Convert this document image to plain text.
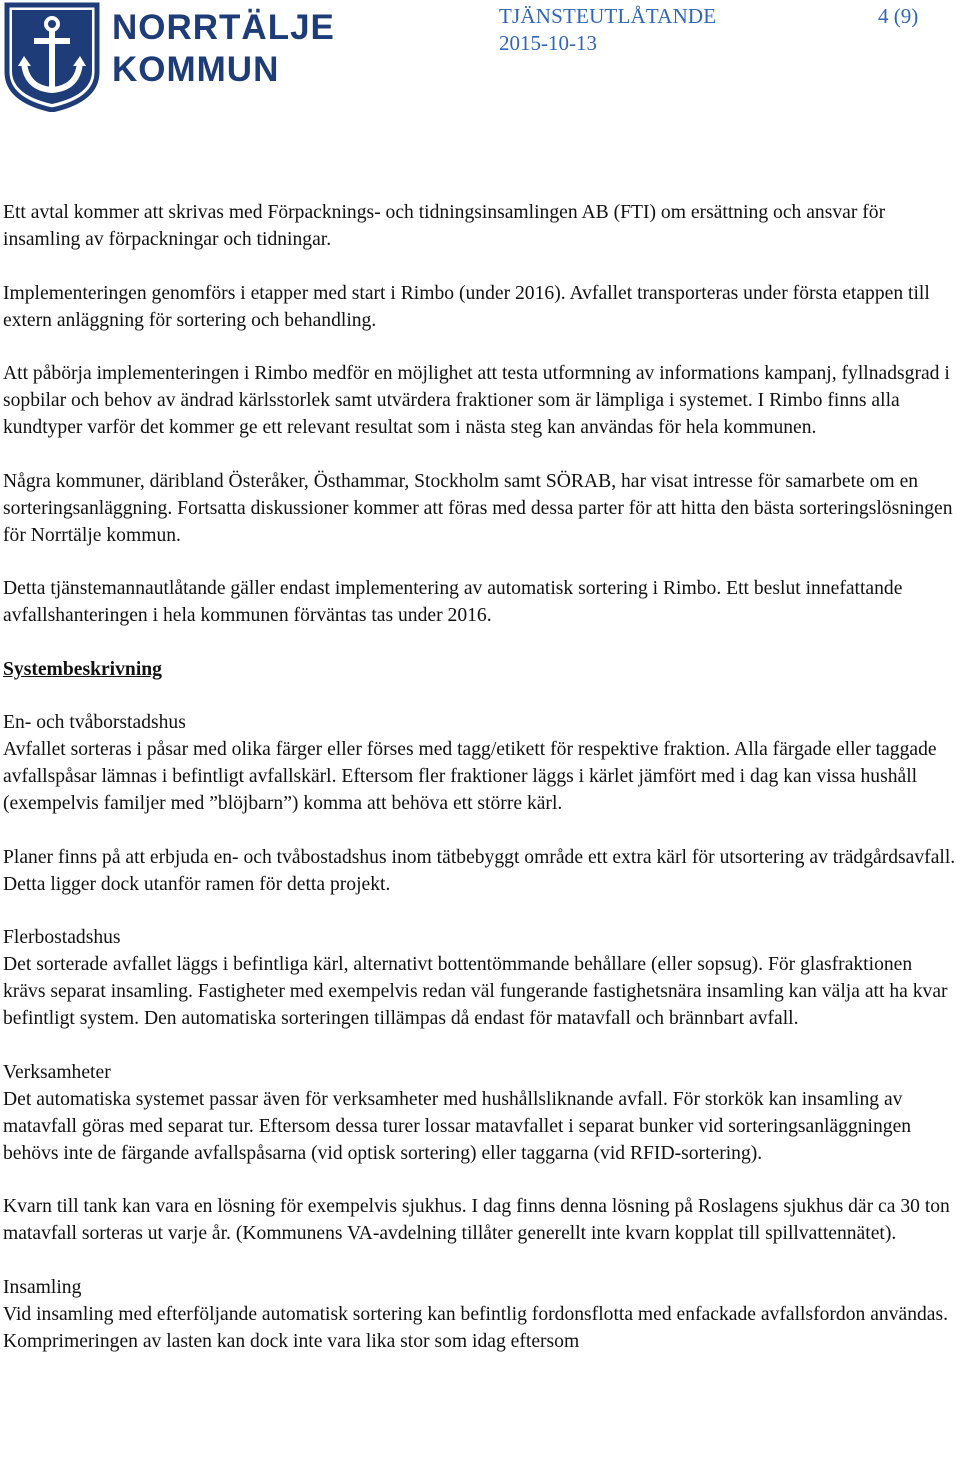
NORRTÄLJE
KOMMUN
TJÄNSTEUTLÅTANDE
2015-10-13
4 (9)

Ett avtal kommer att skrivas med Förpacknings- och tidningsinsamlingen AB (FTI) om ersättning och ansvar för insamling av förpackningar och tidningar.

Implementeringen genomförs i etapper med start i Rimbo (under 2016). Avfallet transporteras under första etappen till extern anläggning för sortering och behandling.

Att påbörja implementeringen i Rimbo medför en möjlighet att testa utformning av informations kampanj, fyllnadsgrad i sopbilar och behov av ändrad kärlsstorlek samt utvärdera fraktioner som är lämpliga i systemet. I Rimbo finns alla kundtyper varför det kommer ge ett relevant resultat som i nästa steg kan användas för hela kommunen.

Några kommuner, däribland Österåker, Östhammar, Stockholm samt SÖRAB, har visat intresse för samarbete om en sorteringsanläggning. Fortsatta diskussioner kommer att föras med dessa parter för att hitta den bästa sorteringslösningen för Norrtälje kommun.

Detta tjänstemannautlåtande gäller endast implementering av automatisk sortering i Rimbo. Ett beslut innefattande avfallshanteringen i hela kommunen förväntas tas under 2016.

Systembeskrivning

En- och tvåborstadshus
Avfallet sorteras i påsar med olika färger eller förses med tagg/etikett för respektive fraktion. Alla färgade eller taggade avfallspåsar lämnas i befintligt avfallskärl. Eftersom fler fraktioner läggs i kärlet jämfört med i dag kan vissa hushåll (exempelvis familjer med ”blöjbarn”) komma att behöva ett större kärl.

Planer finns på att erbjuda en- och tvåbostadshus inom tätbebyggt område ett extra kärl för utsortering av trädgårdsavfall. Detta ligger dock utanför ramen för detta projekt.

Flerbostadshus
Det sorterade avfallet läggs i befintliga kärl, alternativt bottentömmande behållare (eller sopsug). För glasfraktionen krävs separat insamling. Fastigheter med exempelvis redan väl fungerande fastighetsnära insamling kan välja att ha kvar befintligt system. Den automatiska sorteringen tillämpas då endast för matavfall och brännbart avfall.

Verksamheter
Det automatiska systemet passar även för verksamheter med hushållsliknande avfall. För storkök kan insamling av matavfall göras med separat tur. Eftersom dessa turer lossar matavfallet i separat bunker vid sorteringsanläggningen behövs inte de färgande avfallspåsarna (vid optisk sortering) eller taggarna (vid RFID-sortering).

Kvarn till tank kan vara en lösning för exempelvis sjukhus. I dag finns denna lösning på Roslagens sjukhus där ca 30 ton matavfall sorteras ut varje år. (Kommunens VA-avdelning tillåter generellt inte kvarn kopplat till spillvattennätet).

Insamling
Vid insamling med efterföljande automatisk sortering kan befintlig fordonsflotta med enfackade avfallsfordon användas. Komprimeringen av lasten kan dock inte vara lika stor som idag eftersom
